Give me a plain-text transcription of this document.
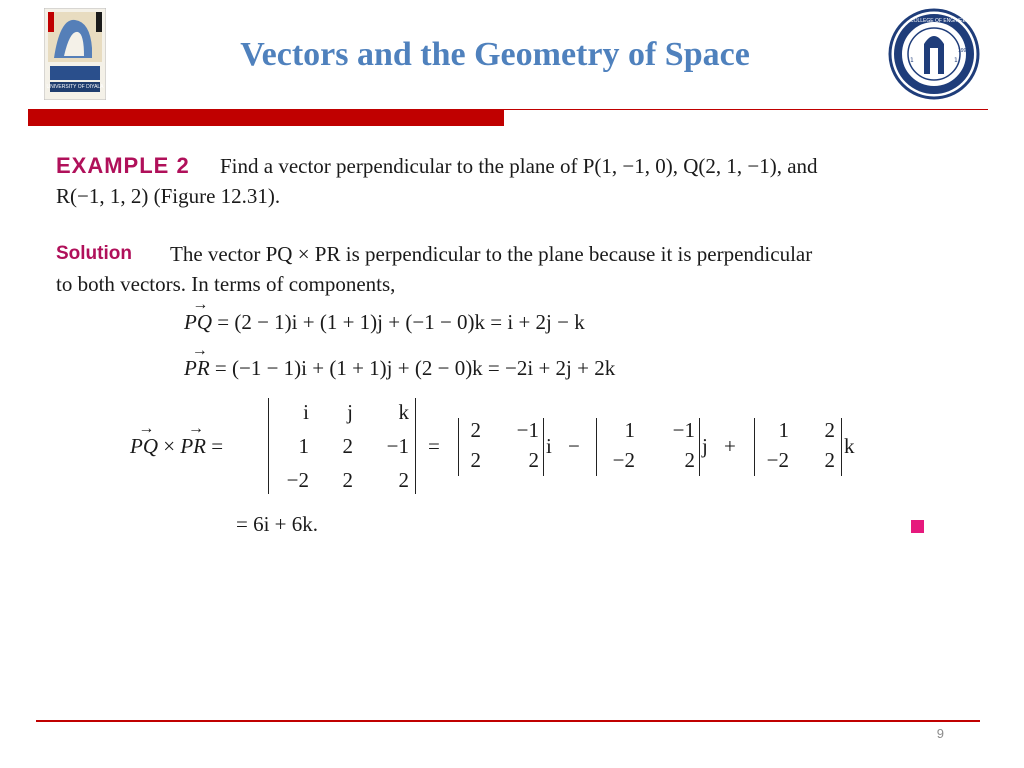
UNIVERSITY OF DIYALA
Vectors and the Geometry of Space	1	1
COLLEGE OF ENGINEERING
1998
EXAMPLE 2 Find a vector perpendicular to the plane of P(1, −1, 0), Q(2, 1, −1), and
R(−1, 1, 2) (Figure 12.31).
Solution The vector PQ × PR is perpendicular to the plane because it is perpendicular
to both vectors. In terms of components,
→ PQ = (2 − 1)i + (1 + 1)j + (−1 − 0)k = i + 2j − k
→ PR = (−1 − 1)i + (1 + 1)j + (2 − 0)k = −2i + 2j + 2k
→ PQ × → PR =
i	j	k
1	2	−1
−2	2	2
=
2	−1
2	2
i −
1	−1
−2	2
j +
1	2
−2	2
k
= 6i + 6k.
9
